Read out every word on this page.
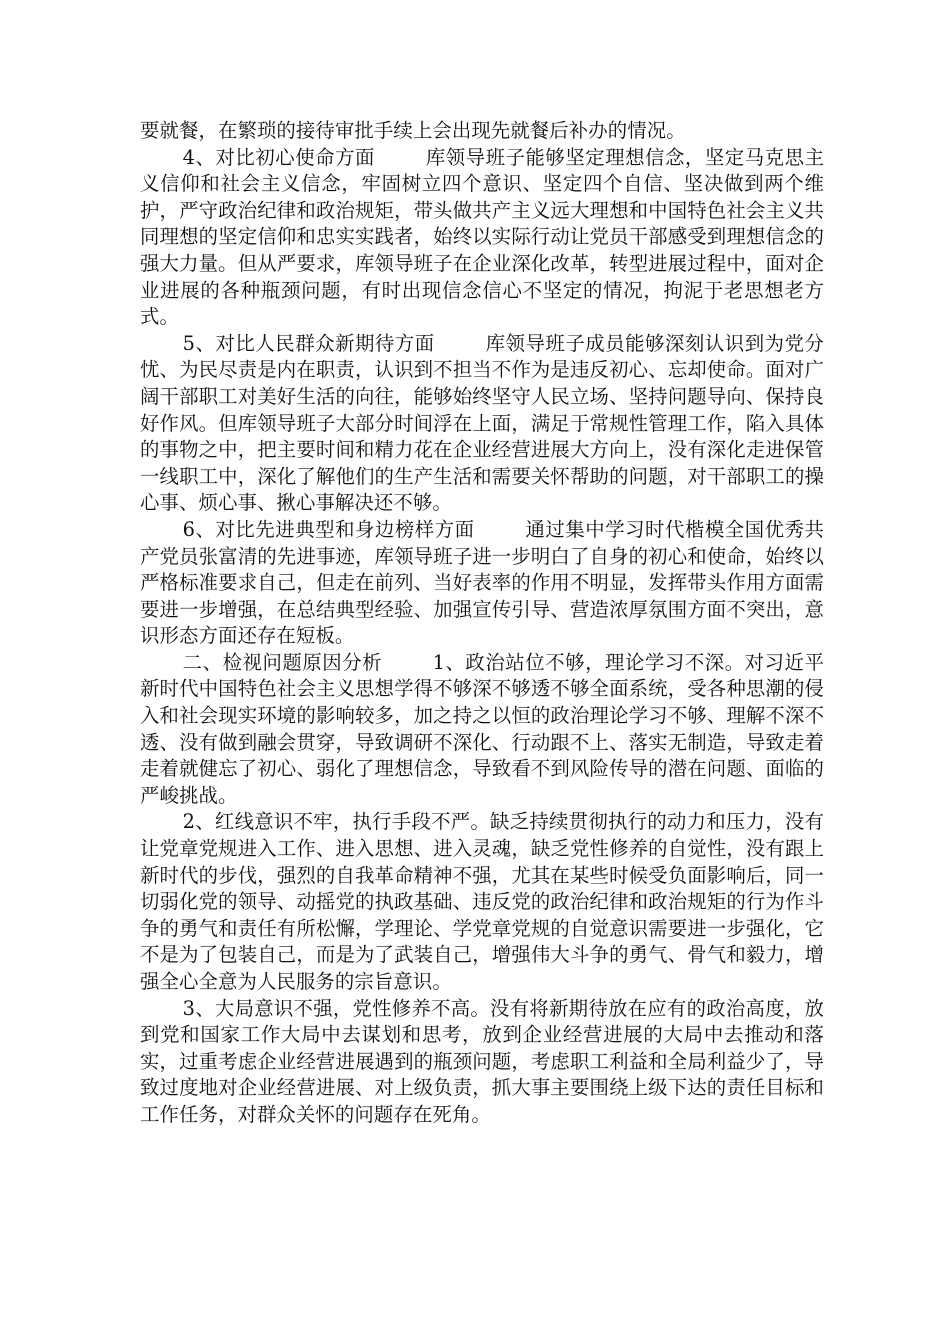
要就餐，在繁琐的接待审批手续上会出现先就餐后补办的情况。

4、对比初心使命方面	库领导班子能够坚定理想信念，坚定马克思主义信仰和社会主义信念，牢固树立四个意识、坚定四个自信、坚决做到两个维护，严守政治纪律和政治规矩，带头做共产主义远大理想和中国特色社会主义共同理想的坚定信仰和忠实实践者，始终以实际行动让党员干部感受到理想信念的强大力量。但从严要求，库领导班子在企业深化改革，转型进展过程中，面对企业进展的各种瓶颈问题，有时出现信念信心不坚定的情况，拘泥于老思想老方式。

5、对比人民群众新期待方面	库领导班子成员能够深刻认识到为党分忧、为民尽责是内在职责，认识到不担当不作为是违反初心、忘却使命。面对广阔干部职工对美好生活的向往，能够始终坚守人民立场、坚持问题导向、保持良好作风。但库领导班子大部分时间浮在上面，满足于常规性管理工作，陷入具体的事物之中，把主要时间和精力花在企业经营进展大方向上，没有深化走进保管一线职工中，深化了解他们的生产生活和需要关怀帮助的问题，对干部职工的操心事、烦心事、揪心事解决还不够。

6、对比先进典型和身边榜样方面	通过集中学习时代楷模全国优秀共产党员张富清的先进事迹，库领导班子进一步明白了自身的初心和使命，始终以严格标准要求自己，但走在前列、当好表率的作用不明显，发挥带头作用方面需要进一步增强，在总结典型经验、加强宣传引导、营造浓厚氛围方面不突出，意识形态方面还存在短板。

二、检视问题原因分析	1、政治站位不够，理论学习不深。对习近平新时代中国特色社会主义思想学得不够深不够透不够全面系统，受各种思潮的侵入和社会现实环境的影响较多，加之持之以恒的政治理论学习不够、理解不深不透、没有做到融会贯穿，导致调研不深化、行动跟不上、落实无制造，导致走着走着就健忘了初心、弱化了理想信念，导致看不到风险传导的潜在问题、面临的严峻挑战。

2、红线意识不牢，执行手段不严。缺乏持续贯彻执行的动力和压力，没有让党章党规进入工作、进入思想、进入灵魂，缺乏党性修养的自觉性，没有跟上新时代的步伐，强烈的自我革命精神不强，尤其在某些时候受负面影响后，同一切弱化党的领导、动摇党的执政基础、违反党的政治纪律和政治规矩的行为作斗争的勇气和责任有所松懈，学理论、学党章党规的自觉意识需要进一步强化，它不是为了包装自己，而是为了武装自己，增强伟大斗争的勇气、骨气和毅力，增强全心全意为人民服务的宗旨意识。

3、大局意识不强，党性修养不高。没有将新期待放在应有的政治高度，放到党和国家工作大局中去谋划和思考，放到企业经营进展的大局中去推动和落实，过重考虑企业经营进展遇到的瓶颈问题，考虑职工利益和全局利益少了，导致过度地对企业经营进展、对上级负责，抓大事主要围绕上级下达的责任目标和工作任务，对群众关怀的问题存在死角。
